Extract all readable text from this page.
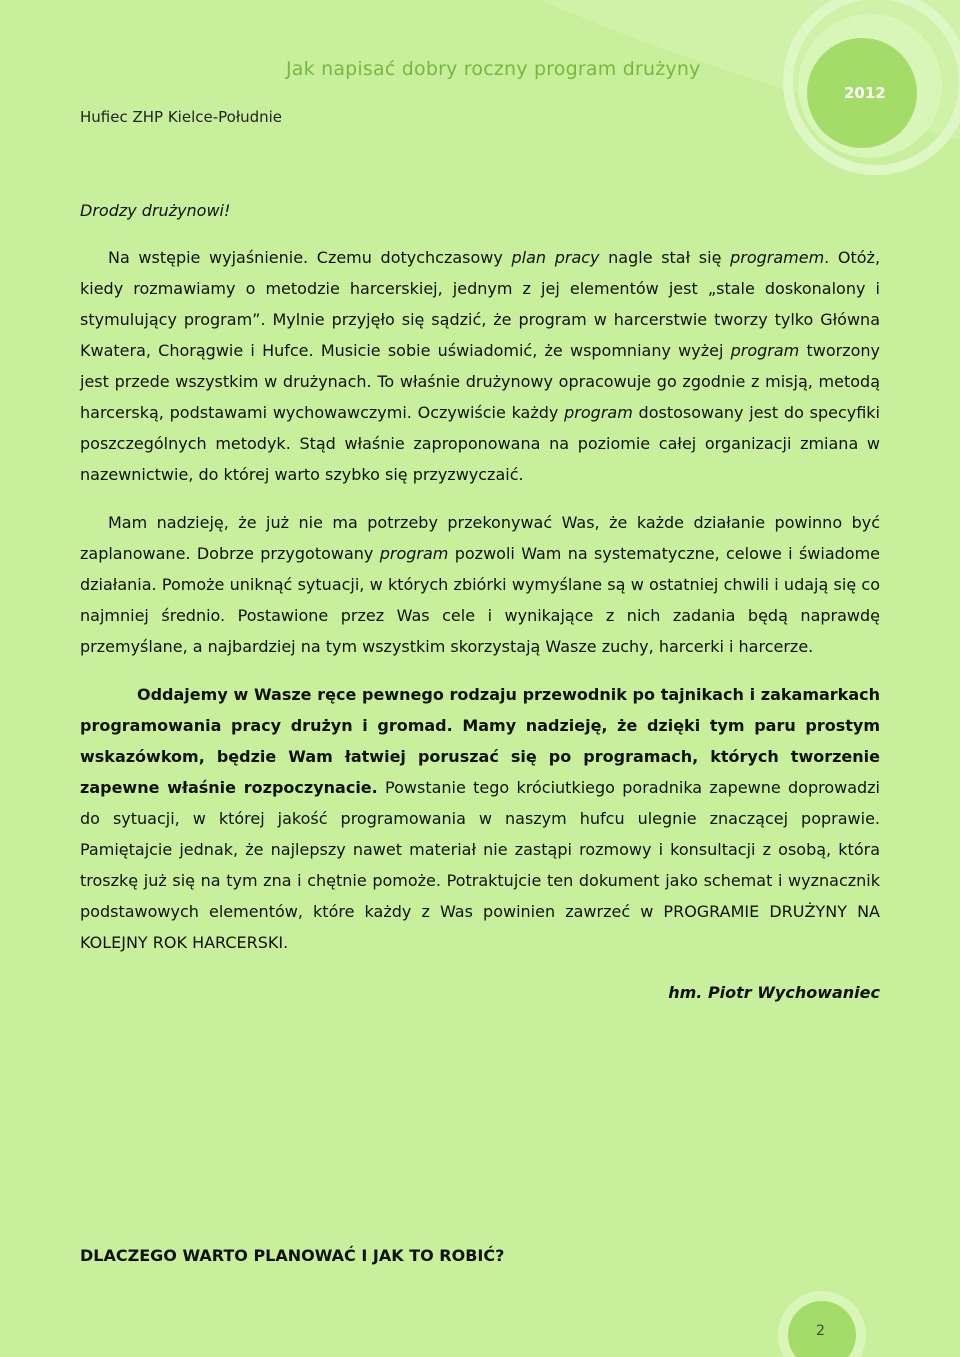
Jak napisać dobry roczny program drużyny
Hufiec ZHP Kielce-Południe
2012
Drodzy drużynowi!

Na wstępie wyjaśnienie. Czemu dotychczasowy plan pracy nagle stał się programem. Otóż, kiedy rozmawiamy o metodzie harcerskiej, jednym z jej elementów jest „stale doskonalony i stymulujący program”. Mylnie przyjęło się sądzić, że program w harcerstwie tworzy tylko Główna Kwatera, Chorągwie i Hufce. Musicie sobie uświadomić, że wspomniany wyżej program tworzony jest przede wszystkim w drużynach. To właśnie drużynowy opracowuje go zgodnie z misją, metodą harcerską, podstawami wychowawczymi. Oczywiście każdy program dostosowany jest do specyfiki poszczególnych metodyk. Stąd właśnie zaproponowana na poziomie całej organizacji zmiana w nazewnictwie, do której warto szybko się przyzwyczaić.

Mam nadzieję, że już nie ma potrzeby przekonywać Was, że każde działanie powinno być zaplanowane. Dobrze przygotowany program pozwoli Wam na systematyczne, celowe i świadome działania. Pomoże uniknąć sytuacji, w których zbiórki wymyślane są w ostatniej chwili i udają się co najmniej średnio. Postawione przez Was cele i wynikające z nich zadania będą naprawdę przemyślane, a najbardziej na tym wszystkim skorzystają Wasze zuchy, harcerki i harcerze.

Oddajemy w Wasze ręce pewnego rodzaju przewodnik po tajnikach i zakamarkach programowania pracy drużyn i gromad. Mamy nadzieję, że dzięki tym paru prostym wskazówkom, będzie Wam łatwiej poruszać się po programach, których tworzenie zapewne właśnie rozpoczynacie. Powstanie tego króciutkiego poradnika zapewne doprowadzi do sytuacji, w której jakość programowania w naszym hufcu ulegnie znaczącej poprawie. Pamiętajcie jednak, że najlepszy nawet materiał nie zastąpi rozmowy i konsultacji z osobą, która troszkę już się na tym zna i chętnie pomoże. Potraktujcie ten dokument jako schemat i wyznacznik podstawowych elementów, które każdy z Was powinien zawrzeć w PROGRAMIE DRUŻYNY NA KOLEJNY ROK HARCERSKI.

hm. Piotr Wychowaniec
DLACZEGO WARTO PLANOWAĆ I JAK TO ROBIĆ?
2
